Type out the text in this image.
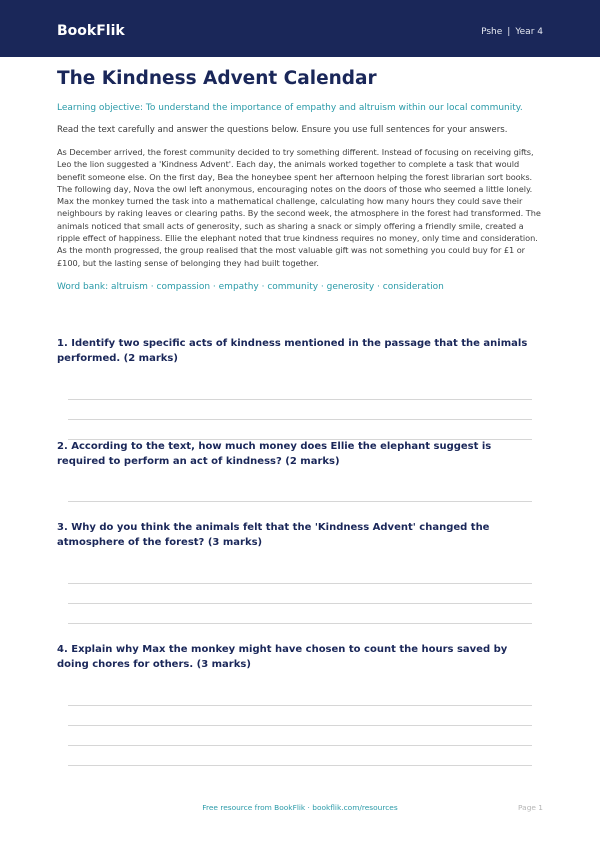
BookFlik	Pshe | Year 4
The Kindness Advent Calendar

Learning objective: To understand the importance of empathy and altruism within our local community.

Read the text carefully and answer the questions below. Ensure you use full sentences for your answers.

As December arrived, the forest community decided to try something different. Instead of focusing on receiving gifts, Leo the lion suggested a 'Kindness Advent'. Each day, the animals worked together to complete a task that would benefit someone else. On the first day, Bea the honeybee spent her afternoon helping the forest librarian sort books. The following day, Nova the owl left anonymous, encouraging notes on the doors of those who seemed a little lonely. Max the monkey turned the task into a mathematical challenge, calculating how many hours they could save their neighbours by raking leaves or clearing paths. By the second week, the atmosphere in the forest had transformed. The animals noticed that small acts of generosity, such as sharing a snack or simply offering a friendly smile, created a ripple effect of happiness. Ellie the elephant noted that true kindness requires no money, only time and consideration. As the month progressed, the group realised that the most valuable gift was not something you could buy for £1 or £100, but the lasting sense of belonging they had built together.

Word bank: altruism · compassion · empathy · community · generosity · consideration

1. Identify two specific acts of kindness mentioned in the passage that the animals performed. (2 marks)
2. According to the text, how much money does Ellie the elephant suggest is required to perform an act of kindness? (2 marks)
3. Why do you think the animals felt that the 'Kindness Advent' changed the atmosphere of the forest? (3 marks)
4. Explain why Max the monkey might have chosen to count the hours saved by doing chores for others. (3 marks)
Free resource from BookFlik · bookflik.com/resources	Page 1
